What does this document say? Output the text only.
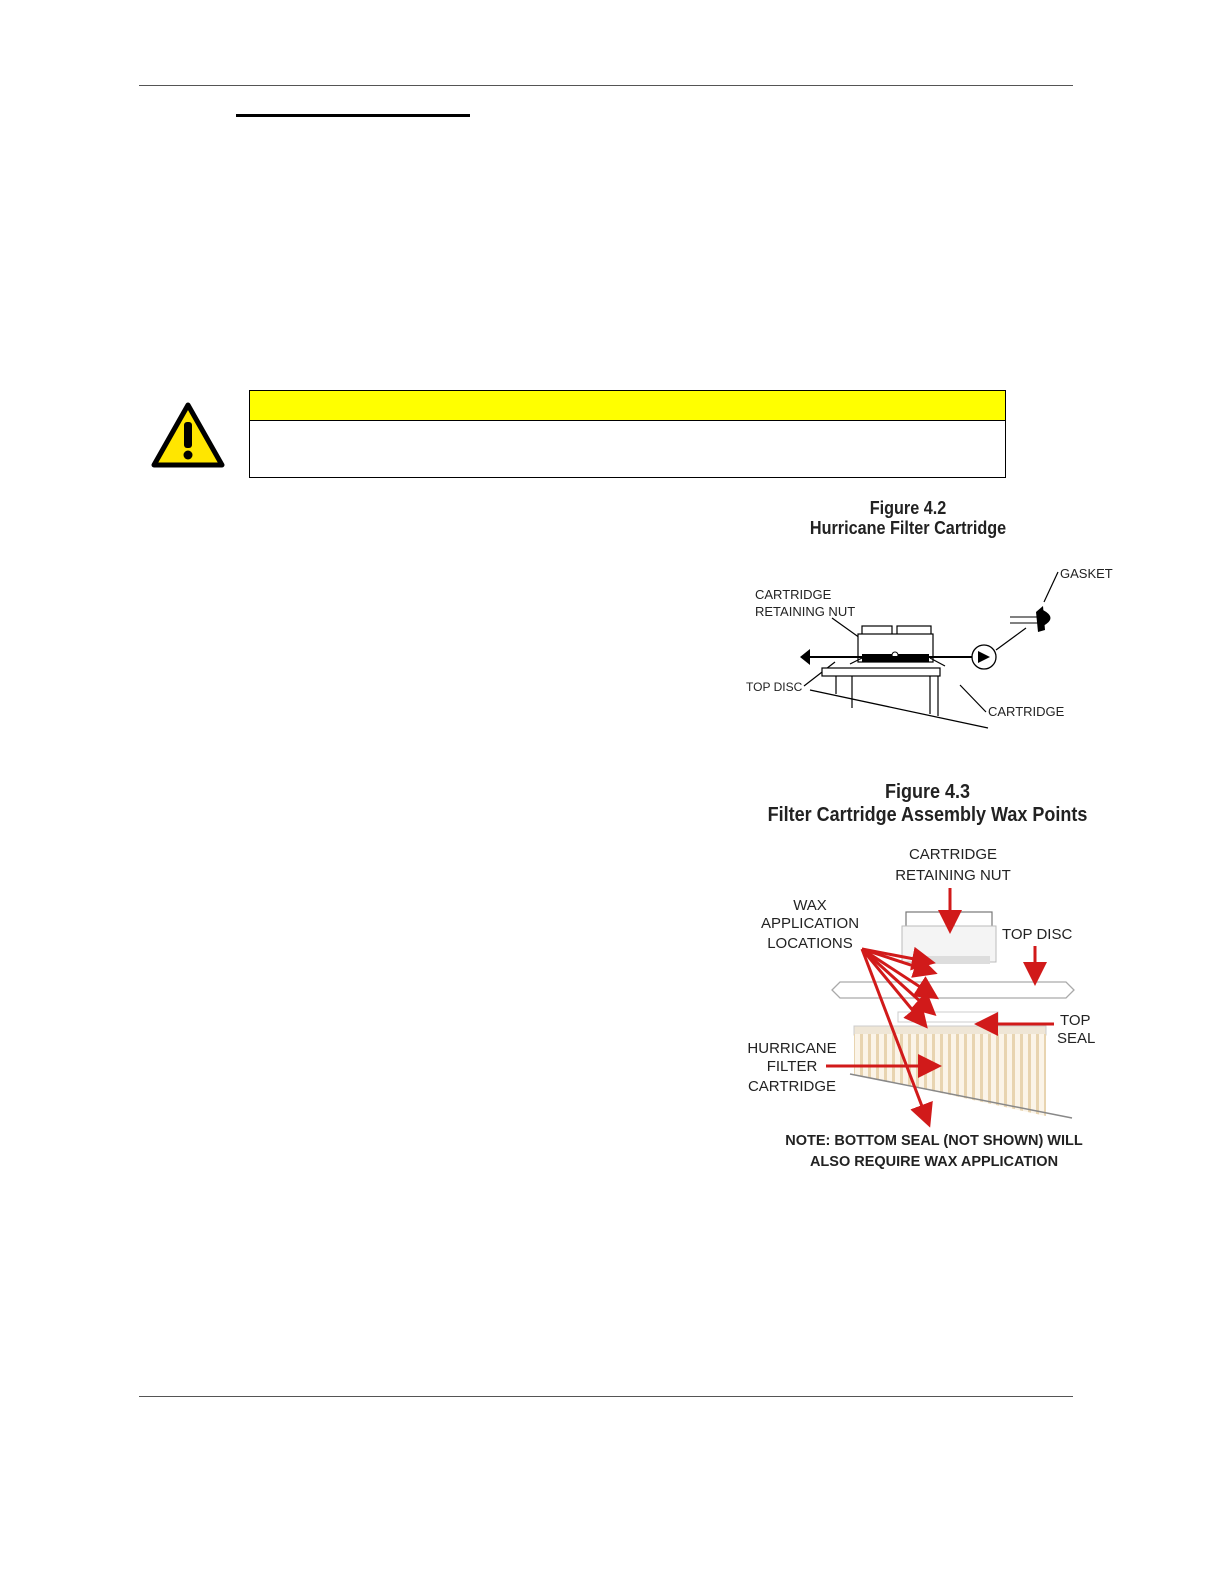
Figure 4.2
Hurricane Filter Cartridge
GASKET
CARTRIDGE
RETAINING NUT
TOP DISC
CARTRIDGE
Figure 4.3
Filter Cartridge Assembly Wax Points
CARTRIDGE
RETAINING NUT
WAX
APPLICATION
LOCATIONS
TOP DISC
TOP
SEAL
HURRICANE
FILTER
CARTRIDGE
NOTE: BOTTOM SEAL (NOT SHOWN) WILL
ALSO REQUIRE WAX APPLICATION
